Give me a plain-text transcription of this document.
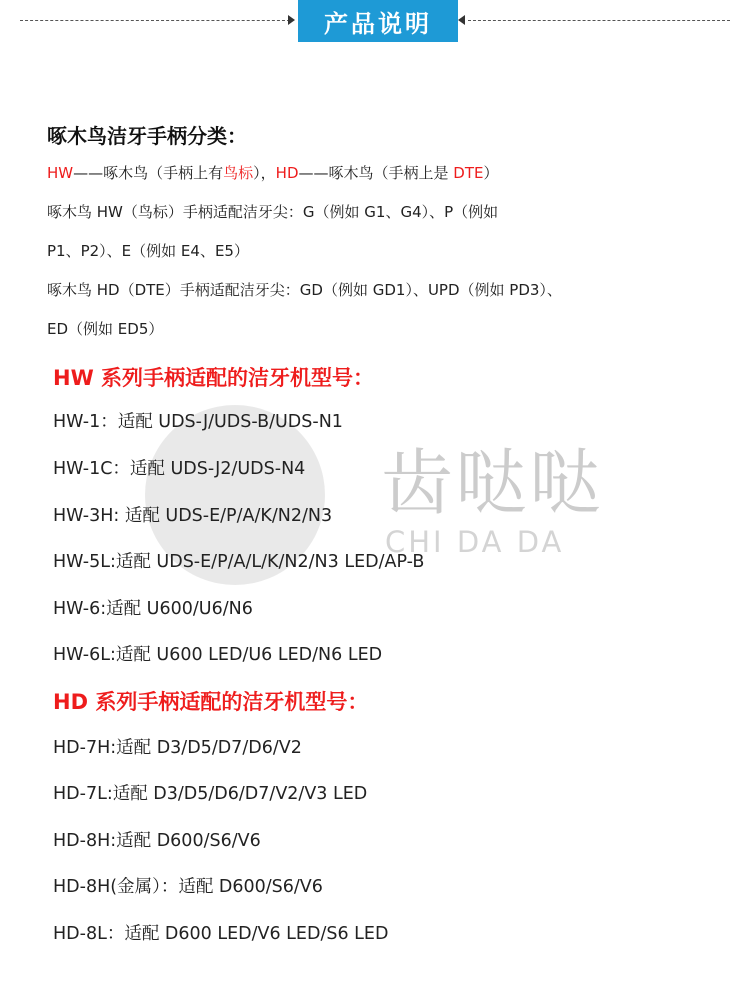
产品说明
齿哒哒
CHI DA DA
啄木鸟洁牙手柄分类：
HW——啄木鸟（手柄上有鸟标），HD——啄木鸟（手柄上是 DTE）
啄木鸟 HW（鸟标）手柄适配洁牙尖：G（例如 G1、G4）、P（例如
P1、P2）、E（例如 E4、E5）
啄木鸟 HD（DTE）手柄适配洁牙尖：GD（例如 GD1）、UPD（例如 PD3）、
ED（例如 ED5）
HW 系列手柄适配的洁牙机型号：
HW-1：适配 UDS-J/UDS-B/UDS-N1
HW-1C：适配 UDS-J2/UDS-N4
HW-3H: 适配 UDS-E/P/A/K/N2/N3
HW-5L:适配 UDS-E/P/A/L/K/N2/N3 LED/AP-B
HW-6:适配 U600/U6/N6
HW-6L:适配 U600 LED/U6 LED/N6 LED
HD 系列手柄适配的洁牙机型号：
HD-7H:适配 D3/D5/D7/D6/V2
HD-7L:适配 D3/D5/D6/D7/V2/V3 LED
HD-8H:适配 D600/S6/V6
HD-8H(金属）：适配 D600/S6/V6
HD-8L：适配 D600 LED/V6 LED/S6 LED
